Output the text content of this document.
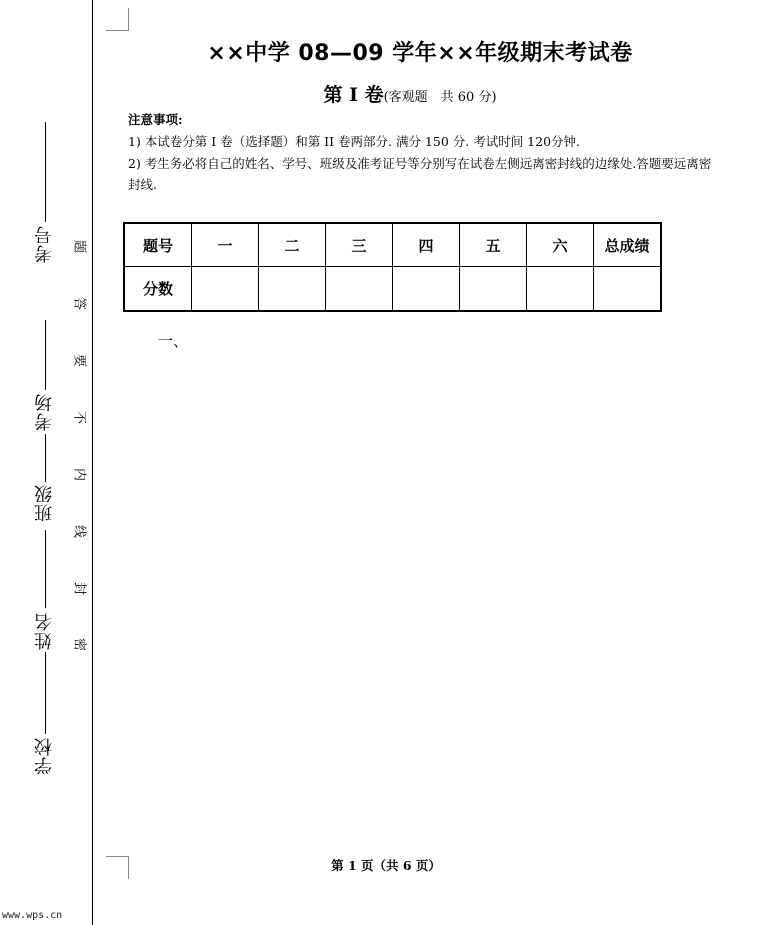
考号
考场
班级
姓名
学校
题
答
要
不
内
线
封
密
www.wps.cn
××中学 08—09 学年××年级期末考试卷
第 I 卷(客观题　共 60 分)
注意事项:
1) 本试卷分第 I 卷（选择题）和第 II 卷两部分. 满分 150 分. 考试时间 120分钟.
2) 考生务必将自己的姓名、学号、班级及准考证号等分别写在试卷左侧远离密封线的边缘处.答题要远离密封线.
题号	一	二	三	四	五	六	总成绩
分数							
一、
第 1 页（共 6 页）
